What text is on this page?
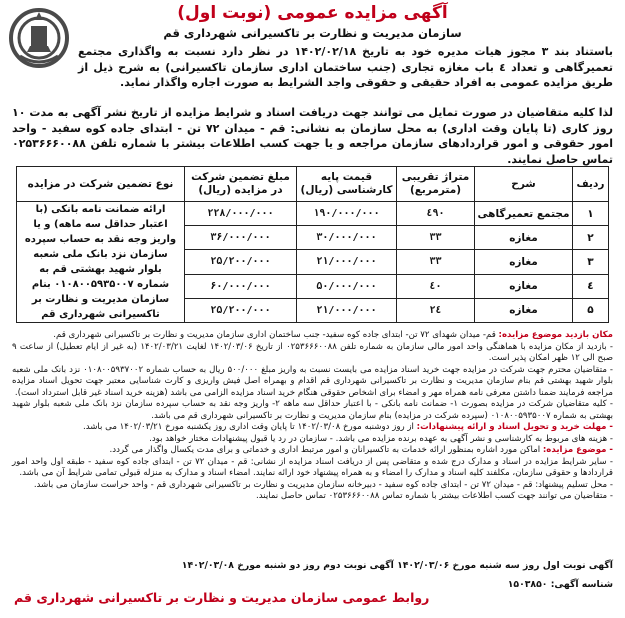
آگهی مزایده عمومی (نوبت اول)
سازمان مدیریت و نظارت بر تاکسیرانی شهرداری قم
باستناد بند ۳ مجوز هیات مدیره خود به تاریخ ۱۴۰۲/۰۲/۱۸ در نظر دارد نسبت به واگذاری مجتمع تعمیرگاهی و تعداد ٤ باب مغازه تجاری (جنب ساختمان اداری سازمان تاکسیرانی) به شرح ذیل از طریق مزایده عمومی به افراد حقیقی و حقوقی واجد الشرایط به صورت اجاره واگذار نماید.
لذا کلیه متقاضیان در صورت تمایل می توانند جهت دریافت اسناد و شرایط مزایده از تاریخ نشر آگهی به مدت ۱۰ روز کاری (تا پایان وقت اداری) به محل سازمان به نشانی: قم - میدان ۷۲ تن - ابتدای جاده کوه سفید - واحد امور حقوقی و امور قراردادهای سازمان مراجعه و یا جهت کسب اطلاعات بیشتر با شماره تلفن ۰۲۵۳۶۶۶۰۰۸۸ تماس حاصل نمایند.
ردیف	شرح	متراژ تقریبی (مترمربع)	قیمت پایه کارشناسی (ریال)	مبلغ تضمین شرکت در مزایده (ریال)	نوع تضمین شرکت در مزایده
۱	مجتمع تعمیرگاهی	٤۹۰	۱۹۰/۰۰۰/۰۰۰	۲۲۸/۰۰۰/۰۰۰	ارائه ضمانت نامه بانکی (با اعتبار حداقل سه ماهه) و یا واریز وجه نقد به حساب سپرده سازمان نزد بانک ملی شعبه بلوار شهید بهشتی قم به شماره ۰۱۰۸۰۰۵۹۳۵۰۰۷ بنام سازمان مدیریت و نظارت بر تاکسیرانی شهرداری قم
۲	مغازه	۳۳	۳۰/۰۰۰/۰۰۰	۳۶/۰۰۰/۰۰۰	
۳	مغازه	۳۳	۲۱/۰۰۰/۰۰۰	۲۵/۲۰۰/۰۰۰	
٤	مغازه	٤۰	۵۰/۰۰۰/۰۰۰	۶۰/۰۰۰/۰۰۰	
۵	مغازه	۲٤	۲۱/۰۰۰/۰۰۰	۲۵/۲۰۰/۰۰۰	

مکان بازدید موضوع مزایده: قم- میدان شهدای ۷۲ تن- ابتدای جاده کوه سفید- جنب ساختمان اداری سازمان مدیریت و نظارت بر تاکسیرانی شهرداری قم.

- بازدید از مکان مزایده با هماهنگی واحد امور مالی سازمان به شماره تلفن ۰۲۵۳۶۶۶۰۰۸۸ از تاریخ ۱۴۰۲/۰۳/۰۶ لغایت ۱۴۰۲/۰۳/۲۱ (به غیر از ایام تعطیل) از ساعت ۹ صبح الی ۱۲ ظهر امکان پذیر است.

- متقاضیان محترم جهت شرکت در مزایده جهت خرید اسناد مزایده می بایست نسبت به واریز مبلغ ۵۰۰/۰۰۰ ریال به حساب شماره ۰۱۰۸۰۰۵۹۳۷۰۰۲ نزد بانک ملی شعبه بلوار شهید بهشتی قم بنام سازمان مدیریت و نظارت بر تاکسیرانی شهرداری قم اقدام و بهمراه اصل فیش واریزی و کارت شناسایی معتبر جهت تحویل اسناد مزایده مراجعه فرمایند ضمنا داشتن معرفی نامه همراه مهر و امضاء برای اشخاص حقوقی هنگام خرید اسناد مزایده الزامی می باشد (هزینه خرید اسناد غیر قابل استرداد است).

- کلیه متقاضیان شرکت در مزایده بصورت ۱- ضمانت نامه بانکی - با اعتبار حداقل سه ماهه ۲- واریز وجه نقد به حساب سپرده سازمان نزد بانک ملی شعبه بلوار شهید بهشتی به شماره ۰۱۰۸۰۰۵۹۳۵۰۰۷ (سپرده شرکت در مزایده) بنام سازمان مدیریت و نظارت بر تاکسیرانی شهرداری قم می باشد.

- مهلت خرید و تحویل اسناد و ارائه پیشنهادات: از روز دوشنبه مورخ ۱۴۰۲/۰۳/۰۸ تا پایان وقت اداری روز یکشنبه مورخ ۱۴۰۲/۰۳/۲۱ می باشد.

- هزینه های مربوط به کارشناسی و نشر آگهی به عهده برنده مزایده می باشد. - سازمان در رد یا قبول پیشنهادات مختار خواهد بود.

- موضوع مزایده: اماکن مورد اشاره بمنظور ارائه خدمات به تاکسیرانان و امور مرتبط اداری و خدماتی و برای مدت یکسال واگذار می گردد.

- سایر شرایط مزایده در اسناد و مدارک درج شده و متقاضی پس از دریافت اسناد مزایده از نشانی: قم - میدان ۷۲ تن - ابتدای جاده کوه سفید - طبقه اول واحد امور قراردادها و حقوقی سازمان، مکلفند کلیه اسناد و مدارک را امضاء و به همراه پیشنهاد خود ارائه نمایند. امضاء اسناد و مدارک به منزله قبولی تمامی شرایط آن می باشد.

- محل تسلیم پیشنهاد: قم - میدان ۷۲ تن - ابتدای جاده کوه سفید - دبیرخانه سازمان مدیریت و نظارت بر تاکسیرانی شهرداری قم - واحد حراست سازمان می باشد.

- متقاضیان می توانند جهت کسب اطلاعات بیشتر با شماره تماس ۰۲۵۳۶۶۶۰۰۸۸ تماس حاصل نمایند.

آگهی نوبت اول روز سه شنبه مورخ ۱۴۰۲/۰۳/۰۶ آگهی نوبت دوم روز دو شنبه مورخ ۱۴۰۲/۰۳/۰۸
شناسه آگهی: ۱۵۰۳۸۵۰
روابط عمومی سازمان مدیریت و نظارت بر تاکسیرانی شهرداری قم
